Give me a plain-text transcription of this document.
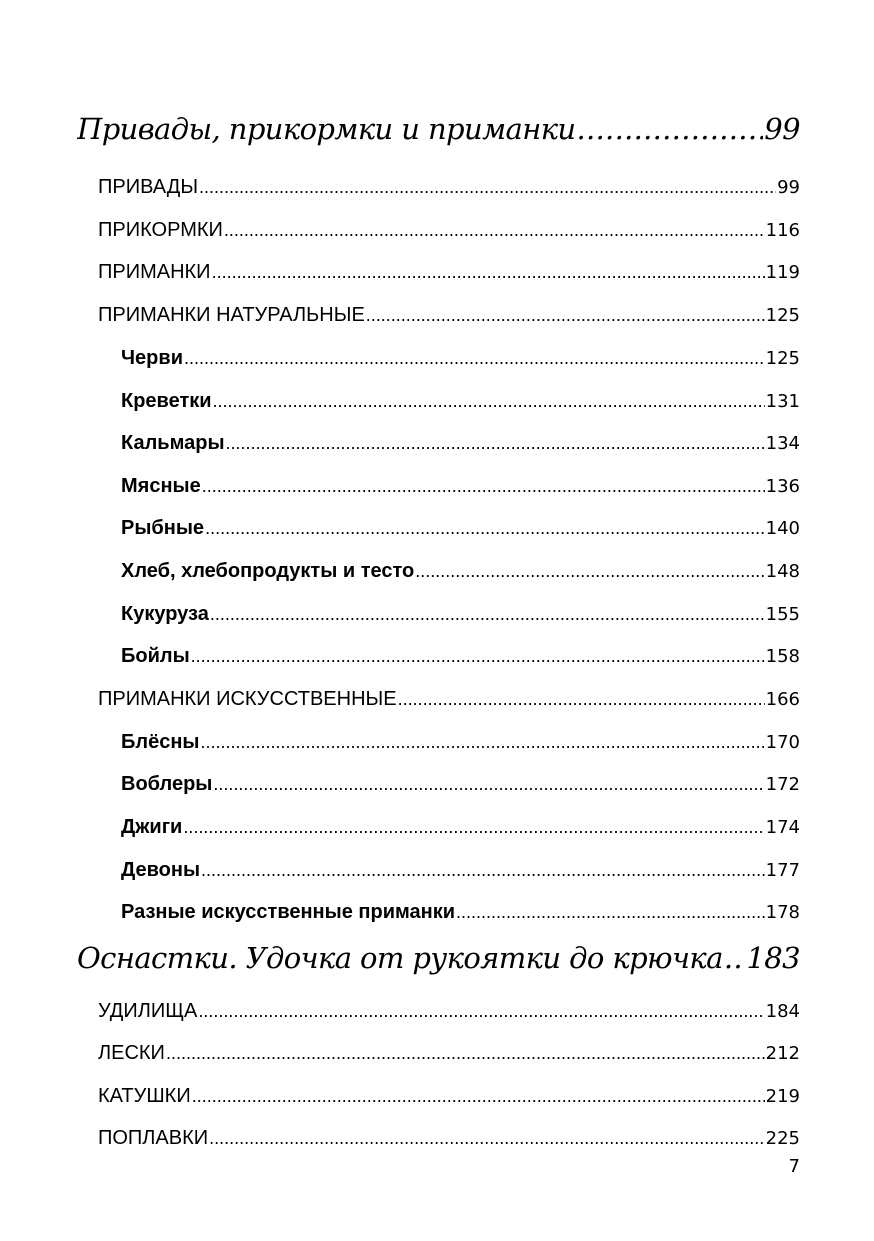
Привады, прикормки и приманки .....	99
ПРИВАДЫ .....	99
ПРИКОРМКИ .....	116
ПРИМАНКИ .....	119
ПРИМАНКИ НАТУРАЛЬНЫЕ .....	125
Черви .....	125
Креветки .....	131
Кальмары .....	134
Мясные .....	136
Рыбные .....	140
Хлеб, хлебопродукты и тесто .....	148
Кукуруза .....	155
Бойлы .....	158
ПРИМАНКИ ИСКУССТВЕННЫЕ .....	166
Блёсны .....	170
Воблеры .....	172
Джиги .....	174
Девоны .....	177
Разные искусственные приманки .....	178
Оснастки. Удочка от рукоятки до крючка ..... 183
УДИЛИЩА .....	184
ЛЕСКИ .....	212
КАТУШКИ .....	219
ПОПЛАВКИ .....	225
7
